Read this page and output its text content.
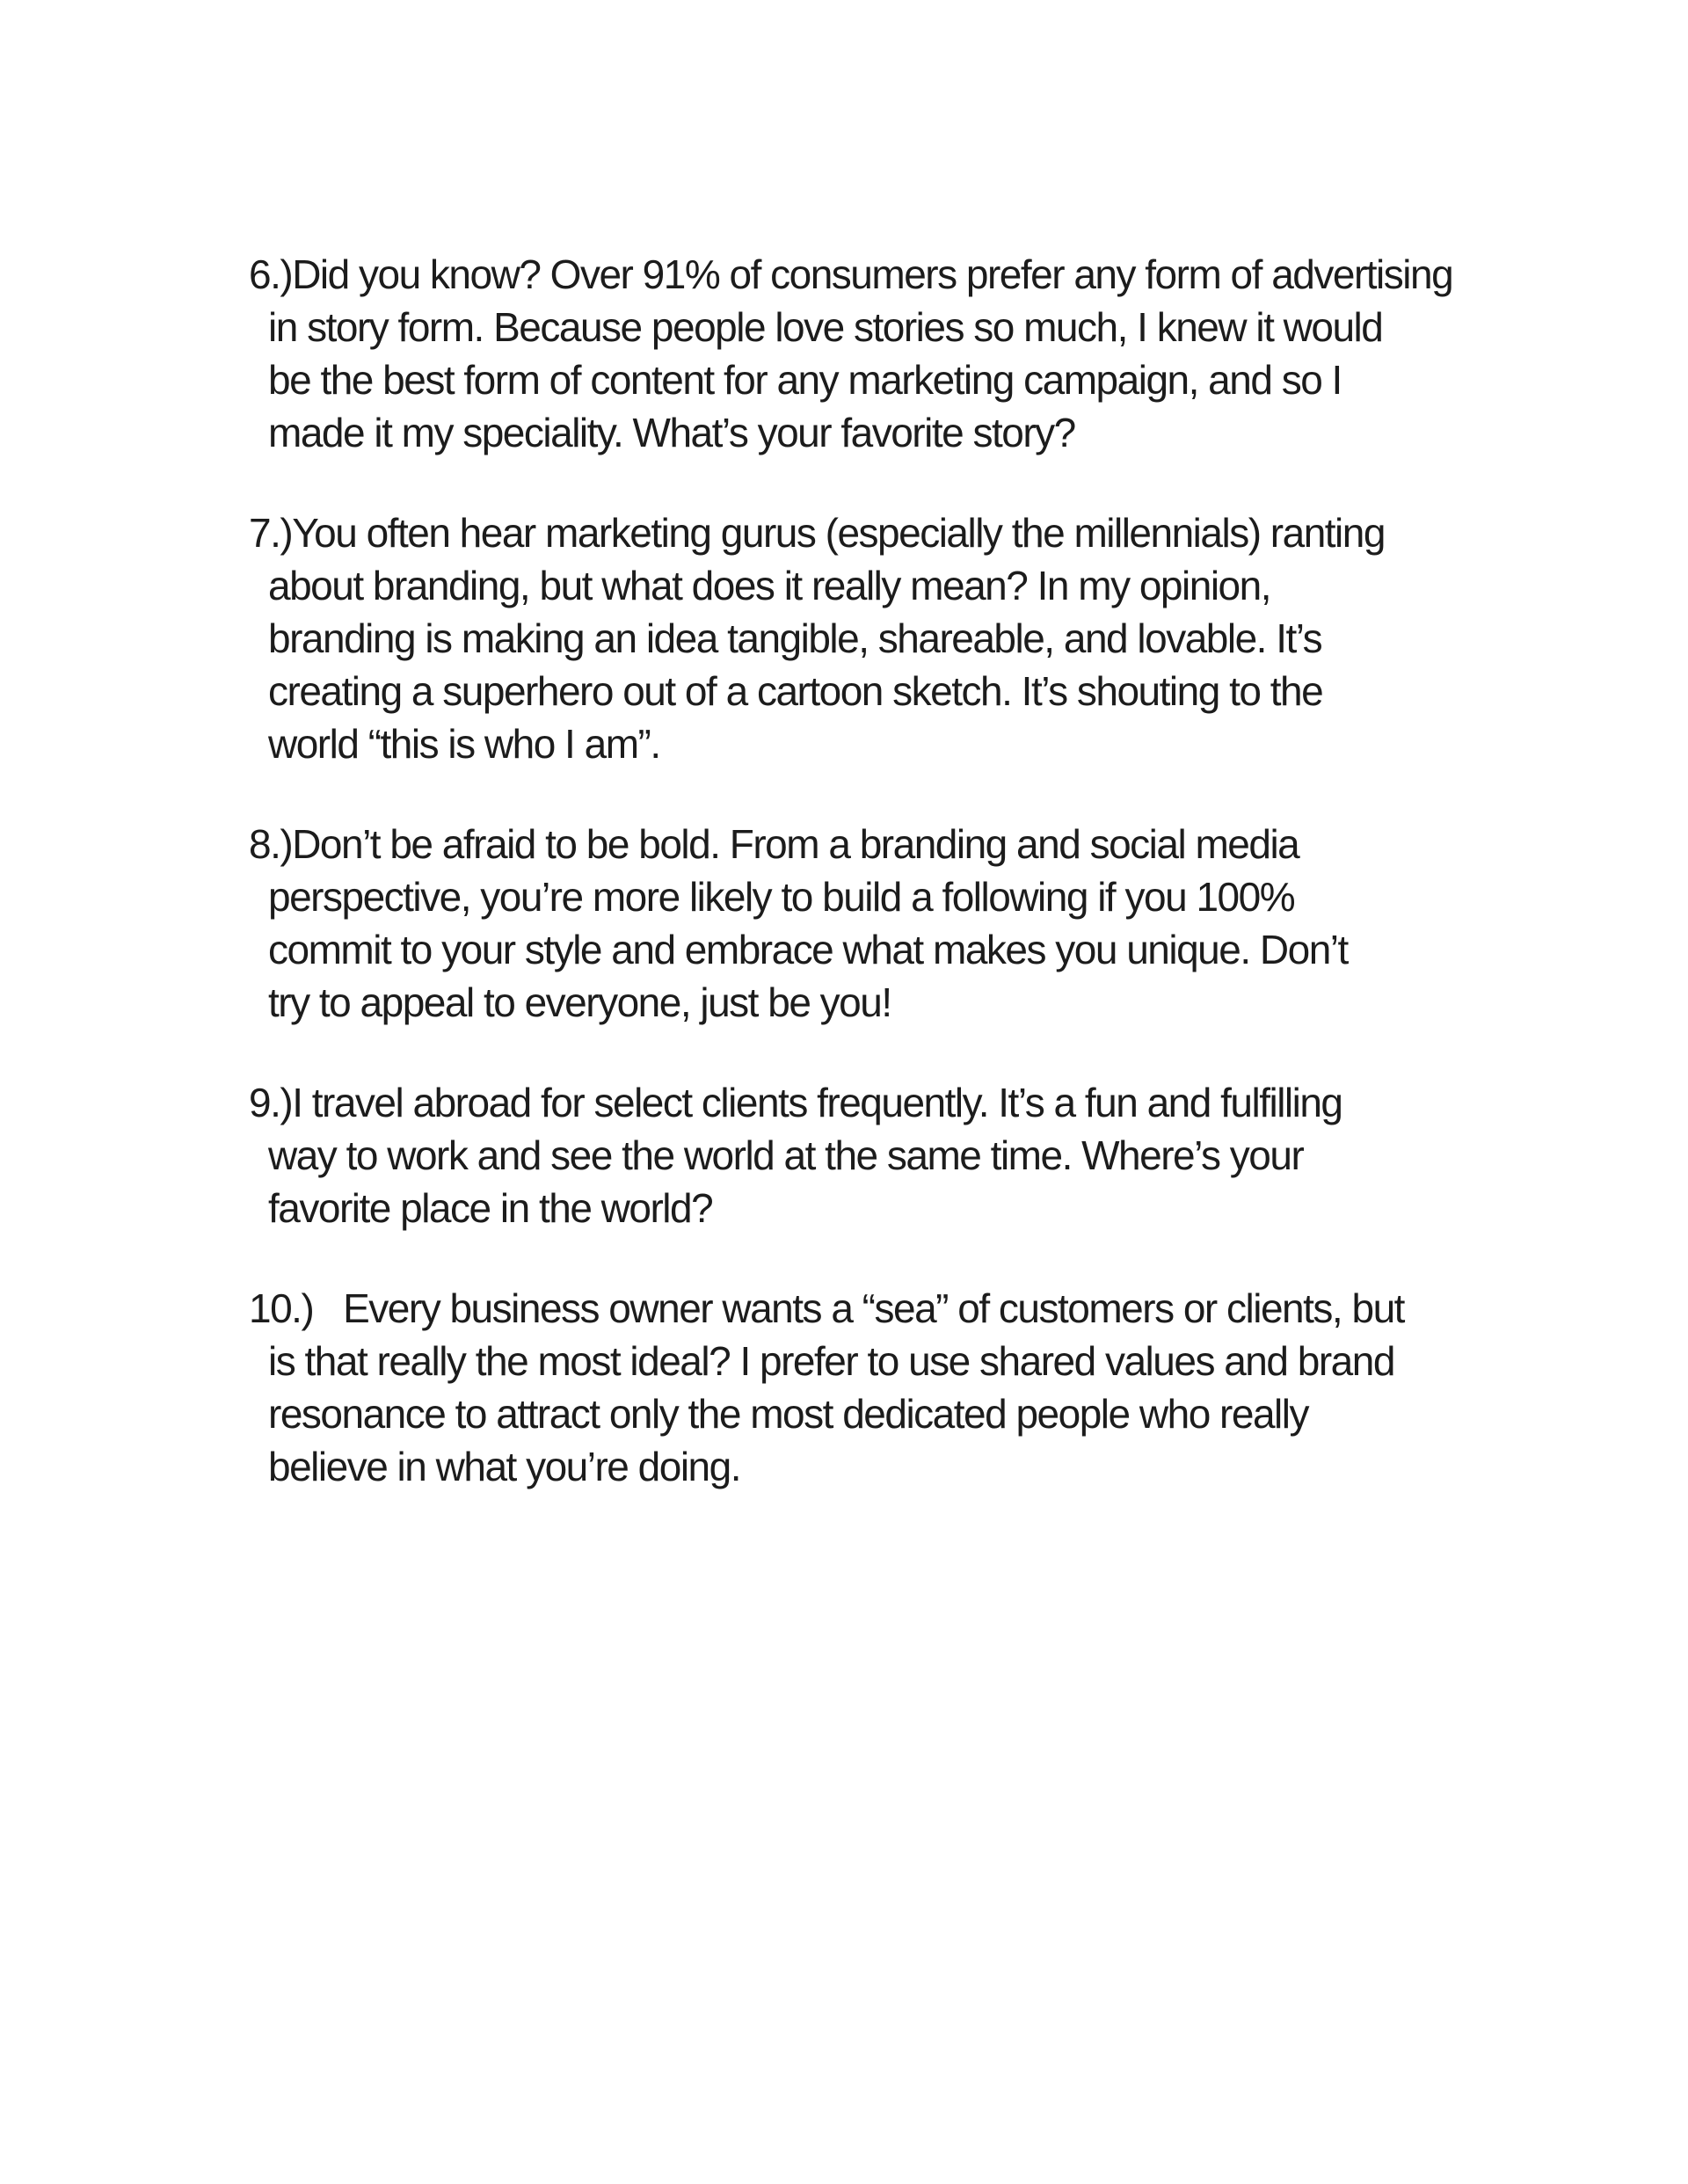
6.)Did you know? Over 91% of consumers prefer any form of advertising
in story form. Because people love stories so much, I knew it would
be the best form of content for any marketing campaign, and so I
made it my speciality. What’s your favorite story?
7.)You often hear marketing gurus (especially the millennials) ranting
about branding, but what does it really mean? In my opinion,
branding is making an idea tangible, shareable, and lovable. It’s
creating a superhero out of a cartoon sketch. It’s shouting to the
world “this is who I am”.
8.)Don’t be afraid to be bold. From a branding and social media
perspective, you’re more likely to build a following if you 100%
commit to your style and embrace what makes you unique. Don’t
try to appeal to everyone, just be you!
9.)I travel abroad for select clients frequently. It’s a fun and fulfilling
way to work and see the world at the same time. Where’s your
favorite place in the world?
10.)   Every business owner wants a “sea” of customers or clients, but
is that really the most ideal? I prefer to use shared values and brand
resonance to attract only the most dedicated people who really
believe in what you’re doing.
